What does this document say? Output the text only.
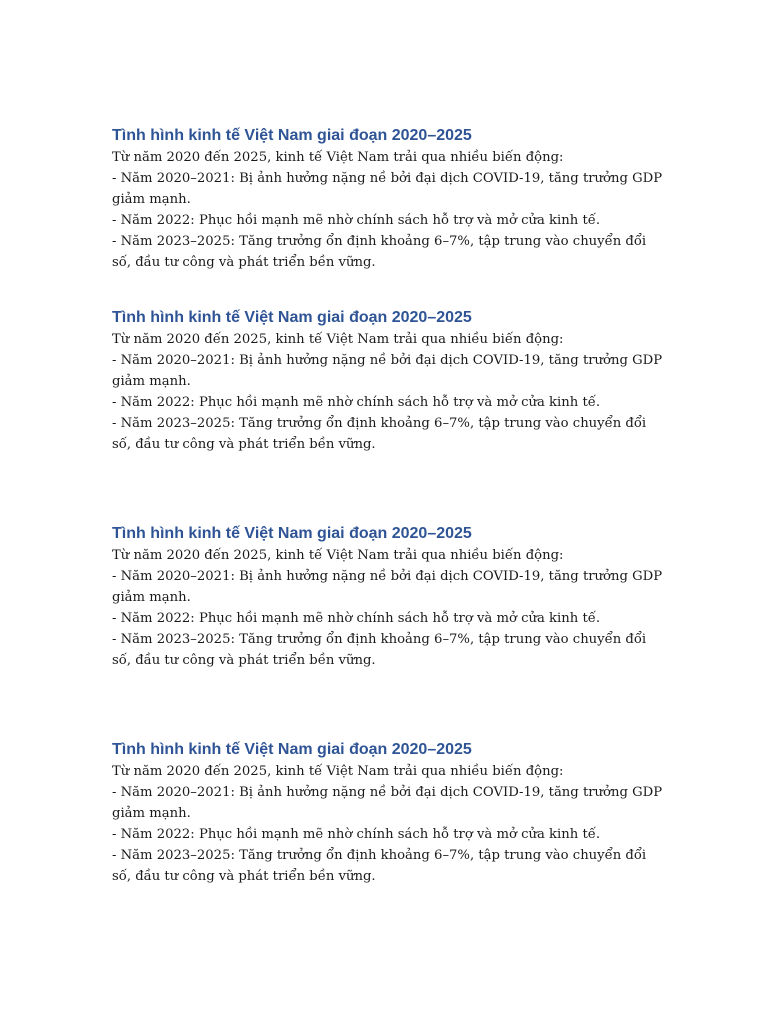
Tình hình kinh tế Việt Nam giai đoạn 2020–2025

Từ năm 2020 đến 2025, kinh tế Việt Nam trải qua nhiều biến động:
- Năm 2020–2021: Bị ảnh hưởng nặng nề bởi đại dịch COVID-19, tăng trưởng GDP
giảm mạnh.
- Năm 2022: Phục hồi mạnh mẽ nhờ chính sách hỗ trợ và mở cửa kinh tế.
- Năm 2023–2025: Tăng trưởng ổn định khoảng 6–7%, tập trung vào chuyển đổi
số, đầu tư công và phát triển bền vững.

Tình hình kinh tế Việt Nam giai đoạn 2020–2025

Từ năm 2020 đến 2025, kinh tế Việt Nam trải qua nhiều biến động:
- Năm 2020–2021: Bị ảnh hưởng nặng nề bởi đại dịch COVID-19, tăng trưởng GDP
giảm mạnh.
- Năm 2022: Phục hồi mạnh mẽ nhờ chính sách hỗ trợ và mở cửa kinh tế.
- Năm 2023–2025: Tăng trưởng ổn định khoảng 6–7%, tập trung vào chuyển đổi
số, đầu tư công và phát triển bền vững.

Tình hình kinh tế Việt Nam giai đoạn 2020–2025

Từ năm 2020 đến 2025, kinh tế Việt Nam trải qua nhiều biến động:
- Năm 2020–2021: Bị ảnh hưởng nặng nề bởi đại dịch COVID-19, tăng trưởng GDP
giảm mạnh.
- Năm 2022: Phục hồi mạnh mẽ nhờ chính sách hỗ trợ và mở cửa kinh tế.
- Năm 2023–2025: Tăng trưởng ổn định khoảng 6–7%, tập trung vào chuyển đổi
số, đầu tư công và phát triển bền vững.

Tình hình kinh tế Việt Nam giai đoạn 2020–2025

Từ năm 2020 đến 2025, kinh tế Việt Nam trải qua nhiều biến động:
- Năm 2020–2021: Bị ảnh hưởng nặng nề bởi đại dịch COVID-19, tăng trưởng GDP
giảm mạnh.
- Năm 2022: Phục hồi mạnh mẽ nhờ chính sách hỗ trợ và mở cửa kinh tế.
- Năm 2023–2025: Tăng trưởng ổn định khoảng 6–7%, tập trung vào chuyển đổi
số, đầu tư công và phát triển bền vững.
